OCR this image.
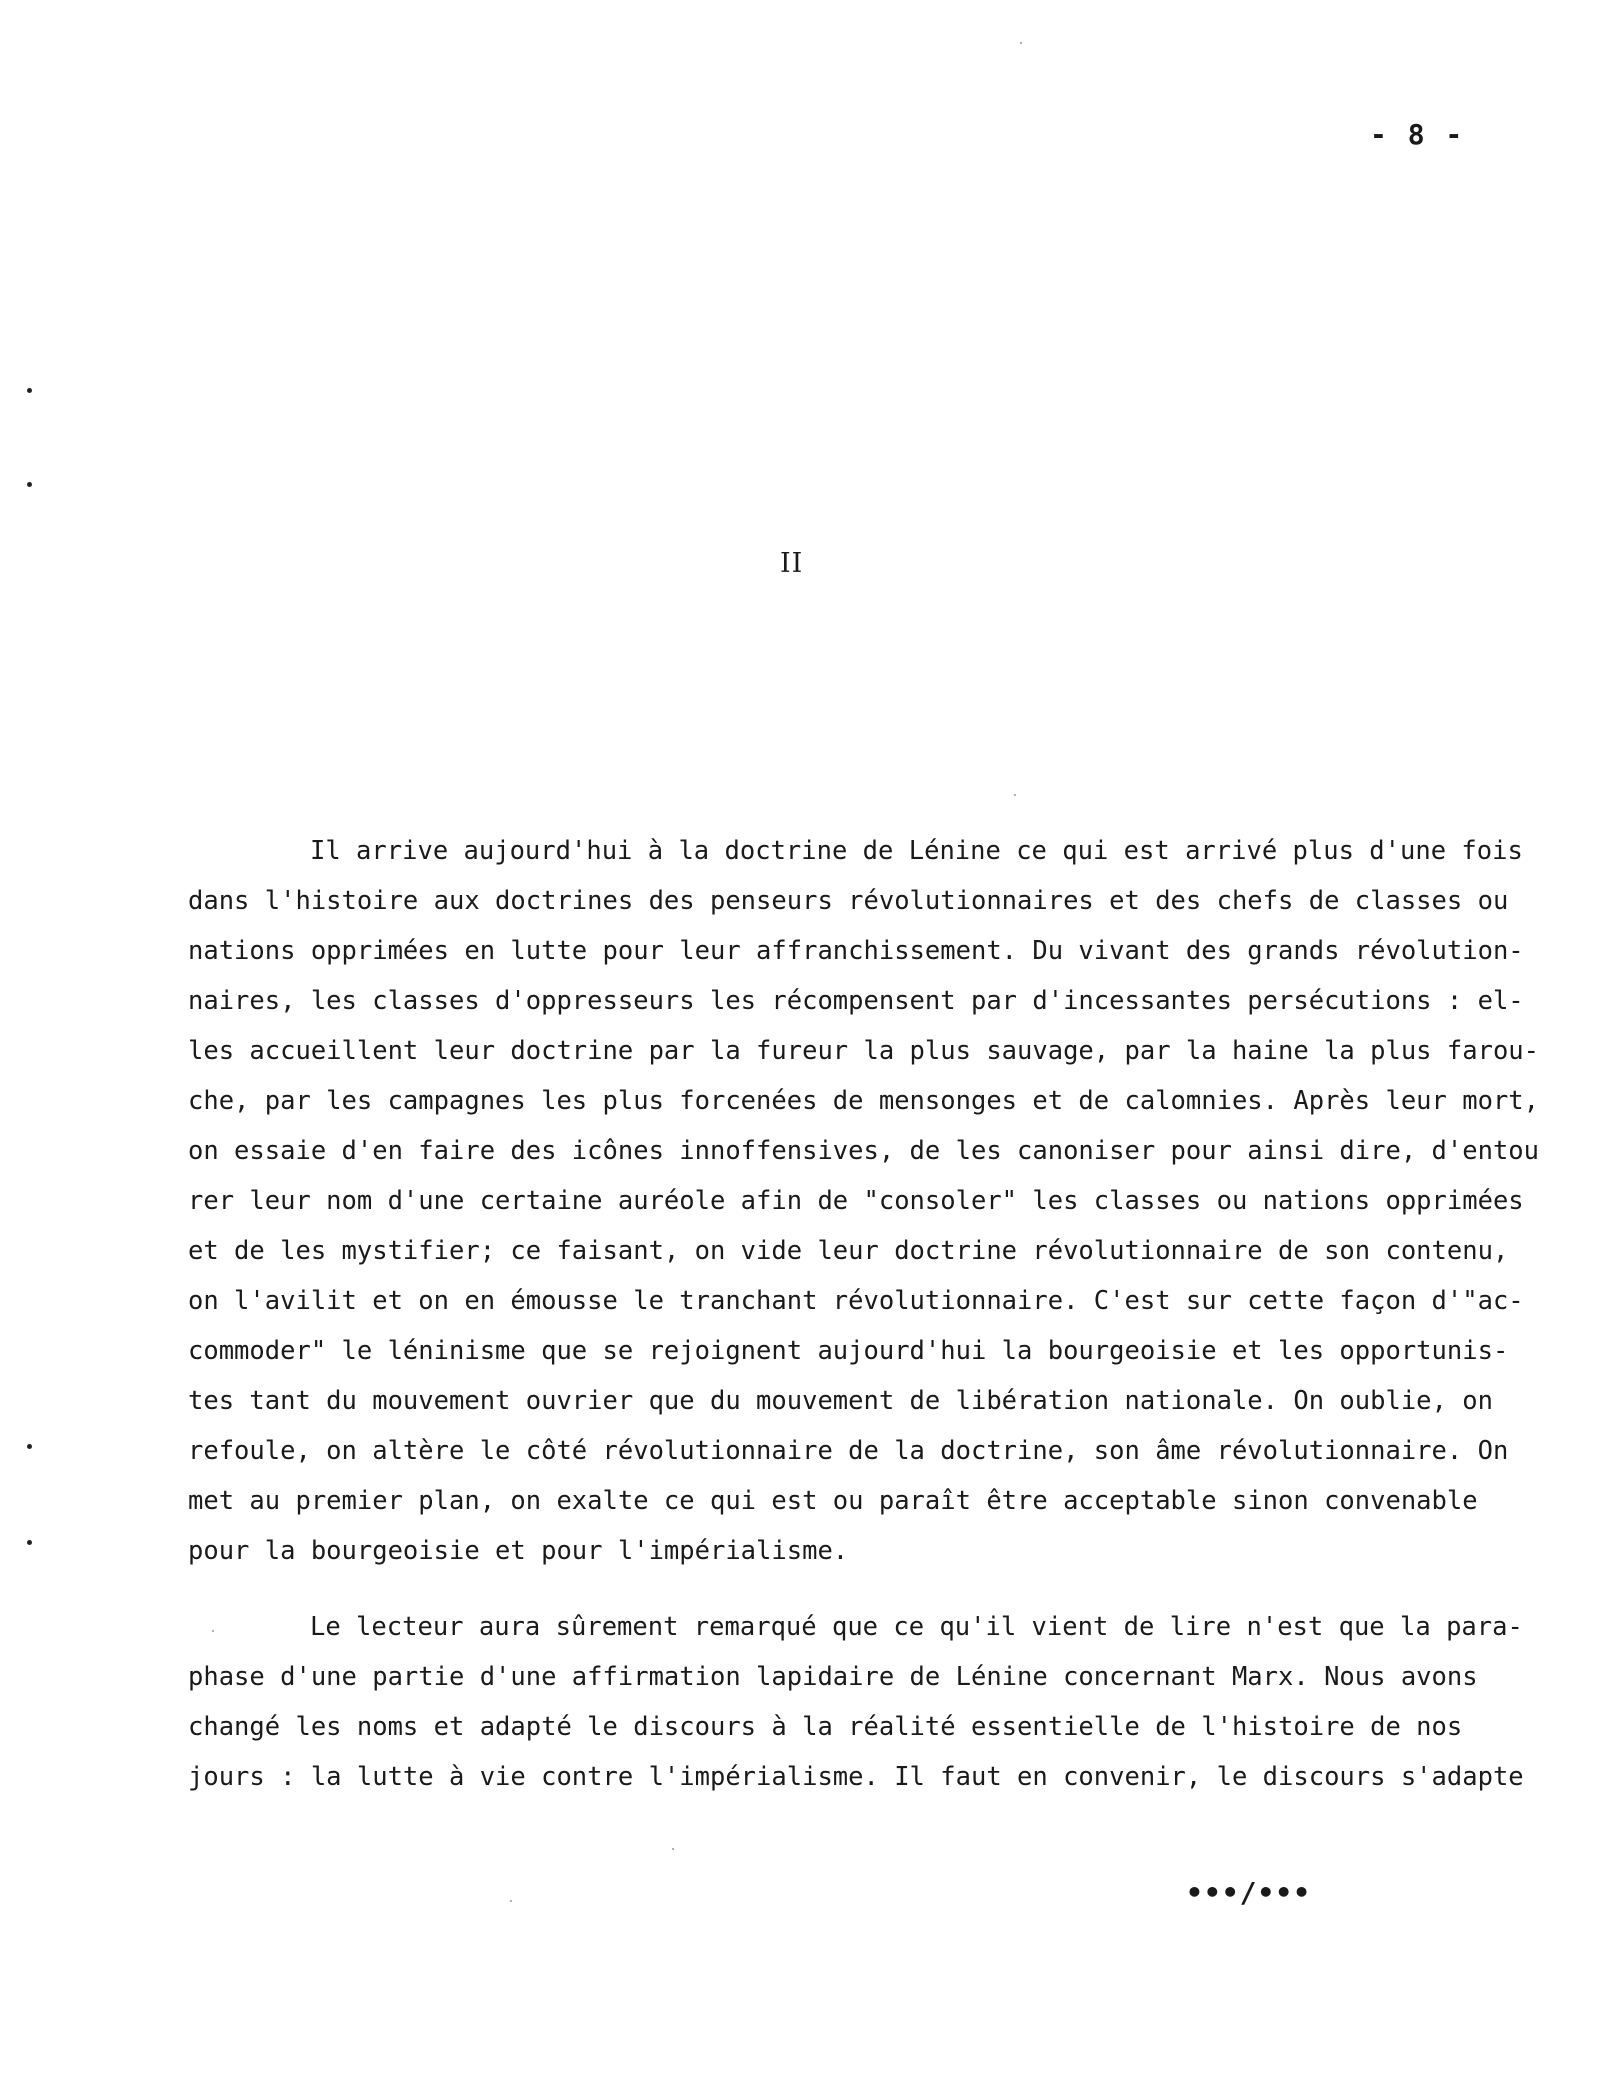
- 8 -
II
Il arrive aujourd'hui à la doctrine de Lénine ce qui est arrivé plus d'une fois
dans l'histoire aux doctrines des penseurs révolutionnaires et des chefs de classes ou
nations opprimées en lutte pour leur affranchissement. Du vivant des grands révolution-
naires, les classes d'oppresseurs les récompensent par d'incessantes persécutions : el-
les accueillent leur doctrine par la fureur la plus sauvage, par la haine la plus farou-
che, par les campagnes les plus forcenées de mensonges et de calomnies. Après leur mort,
on essaie d'en faire des icônes innoffensives, de les canoniser pour ainsi dire, d'entou
rer leur nom d'une certaine auréole afin de "consoler" les classes ou nations opprimées
et de les mystifier; ce faisant, on vide leur doctrine révolutionnaire de son contenu,
on l'avilit et on en émousse le tranchant révolutionnaire. C'est sur cette façon d'"ac-
commoder" le léninisme que se rejoignent aujourd'hui la bourgeoisie et les opportunis-
tes tant du mouvement ouvrier que du mouvement de libération nationale. On oublie, on
refoule, on altère le côté révolutionnaire de la doctrine, son âme révolutionnaire. On
met au premier plan, on exalte ce qui est ou paraît être acceptable sinon convenable
pour la bourgeoisie et pour l'impérialisme.
Le lecteur aura sûrement remarqué que ce qu'il vient de lire n'est que la para-
phase d'une partie d'une affirmation lapidaire de Lénine concernant Marx. Nous avons
changé les noms et adapté le discours à la réalité essentielle de l'histoire de nos
jours : la lutte à vie contre l'impérialisme. Il faut en convenir, le discours s'adapte
•••/•••
